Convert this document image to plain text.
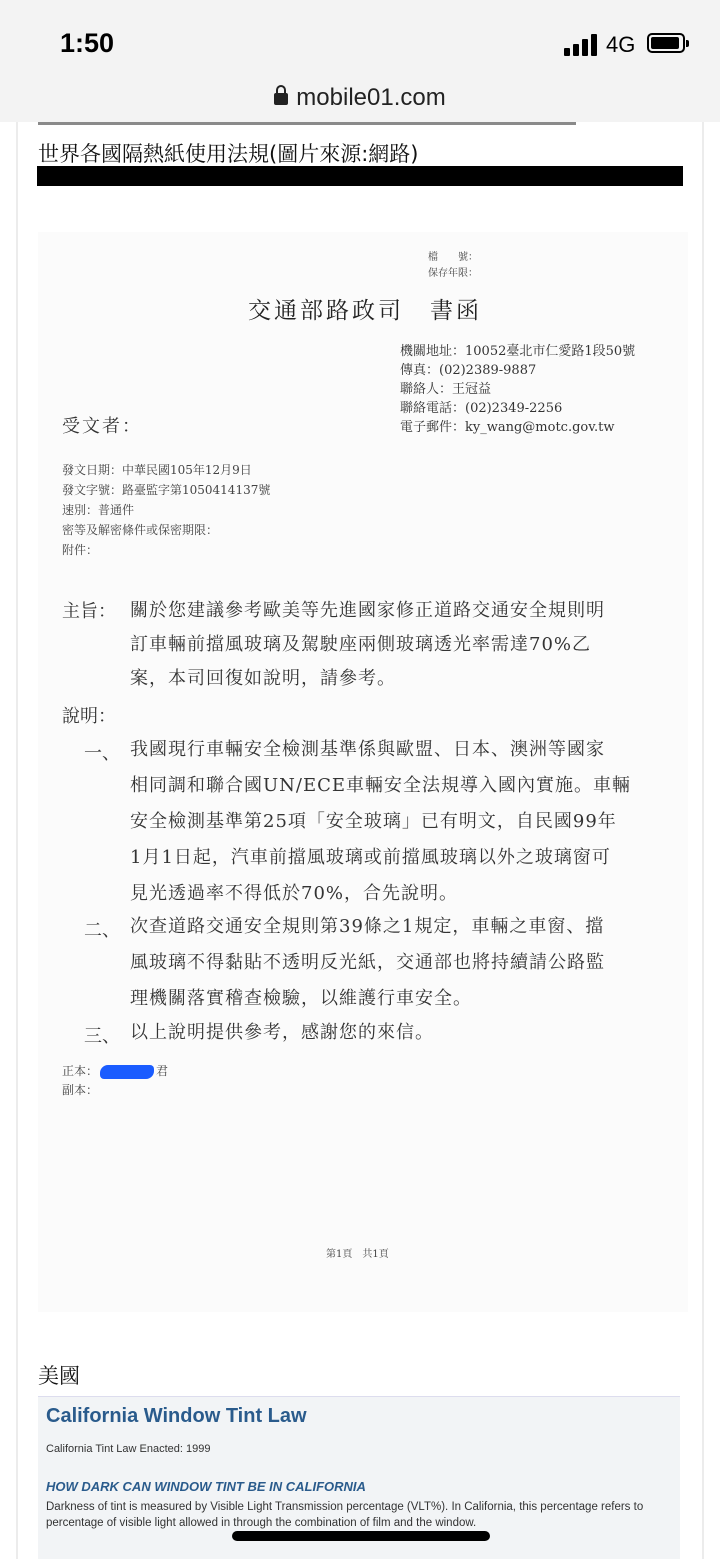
1:50	4G
mobile01.com
世界各國隔熱紙使用法規(圖片來源:網路)
檔　　號：
保存年限：
交通部路政司　書函
機關地址：10052臺北市仁愛路1段50號
傳真：(02)2389-9887
聯絡人：王冠益
聯絡電話：(02)2349-2256
電子郵件：ky_wang@motc.gov.tw
受文者：
發文日期：中華民國105年12月9日
發文字號：路臺監字第1050414137號
速別：普通件
密等及解密條件或保密期限：
附件：
主旨： 關於您建議參考歐美等先進國家修正道路交通安全規則明
訂車輛前擋風玻璃及駕駛座兩側玻璃透光率需達70%乙
案，本司回復如說明，請參考。
說明：
一、 我國現行車輛安全檢測基準係與歐盟、日本、澳洲等國家
相同調和聯合國UN/ECE車輛安全法規導入國內實施。車輛
安全檢測基準第25項「安全玻璃」已有明文，自民國99年
1月1日起，汽車前擋風玻璃或前擋風玻璃以外之玻璃窗可
見光透過率不得低於70%，合先說明。
二、 次查道路交通安全規則第39條之1規定，車輛之車窗、擋
風玻璃不得黏貼不透明反光紙，交通部也將持續請公路監
理機關落實稽查檢驗，以維護行車安全。
三、 以上說明提供參考，感謝您的來信。
正本：	君
副本：
第1頁　共1頁
美國
California Window Tint Law
California Tint Law Enacted: 1999
HOW DARK CAN WINDOW TINT BE IN CALIFORNIA
Darkness of tint is measured by Visible Light Transmission percentage (VLT%). In California, this percentage refers to percentage of visible light allowed in through the combination of film and the window.
